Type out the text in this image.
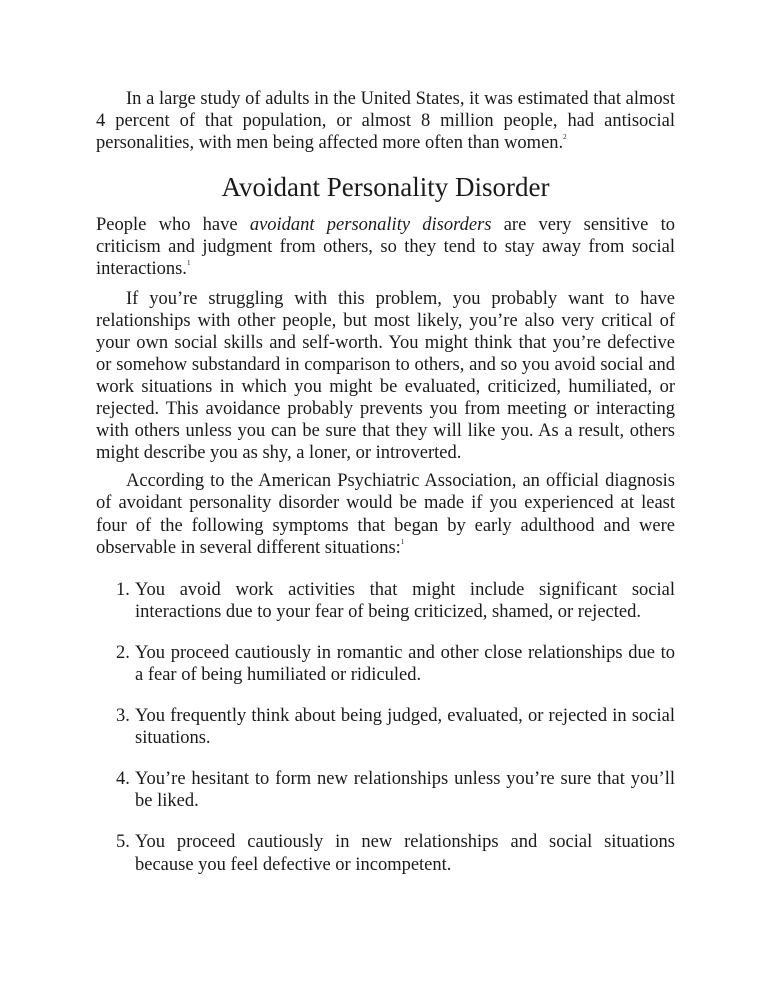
In a large study of adults in the United States, it was estimated that almost 4 percent of that population, or almost 8 million people, had antisocial personalities, with men being affected more often than women.$^2$

Avoidant Personality Disorder

People who have avoidant personality disorders are very sensitive to criticism and judgment from others, so they tend to stay away from social interactions.$^1$

If you’re struggling with this problem, you probably want to have relationships with other people, but most likely, you’re also very critical of your own social skills and self-worth. You might think that you’re defective or somehow substandard in comparison to others, and so you avoid social and work situations in which you might be evaluated, criticized, humiliated, or rejected. This avoidance probably prevents you from meeting or interacting with others unless you can be sure that they will like you. As a result, others might describe you as shy, a loner, or introverted.

According to the American Psychiatric Association, an official diagnosis of avoidant personality disorder would be made if you experienced at least four of the following symptoms that began by early adulthood and were observable in several different situations:$^1$

1. You avoid work activities that might include significant social interactions due to your fear of being criticized, shamed, or rejected.

2. You proceed cautiously in romantic and other close relationships due to a fear of being humiliated or ridiculed.

3. You frequently think about being judged, evaluated, or rejected in social situations.

4. You’re hesitant to form new relationships unless you’re sure that you’ll be liked.

5. You proceed cautiously in new relationships and social situations because you feel defective or incompetent.
